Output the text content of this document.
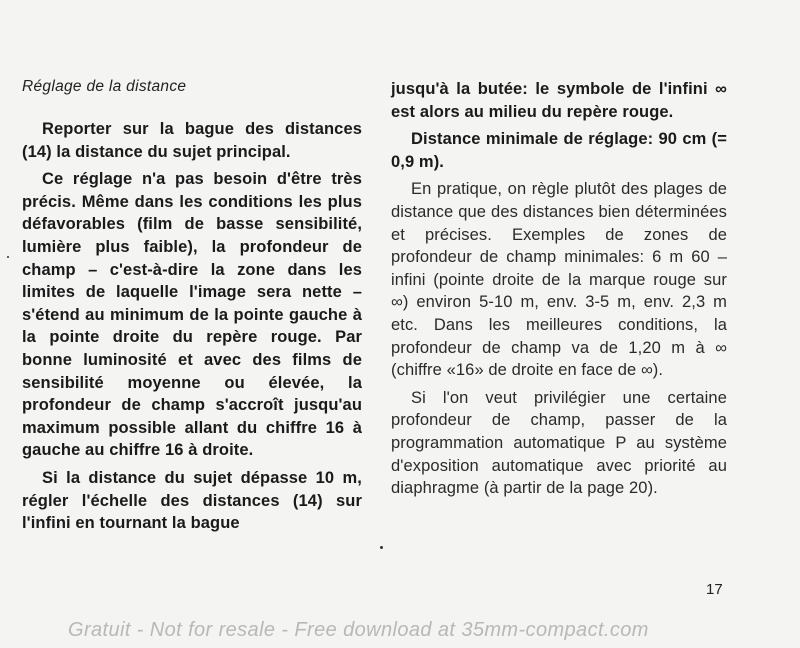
Réglage de la distance

Reporter sur la bague des distances (14) la distance du sujet principal.

Ce réglage n'a pas besoin d'être très précis. Même dans les conditions les plus défavorables (film de basse sensibilité, lumière plus faible), la profondeur de champ – c'est-à-dire la zone dans les limites de laquelle l'image sera nette – s'étend au minimum de la pointe gauche à la pointe droite du repère rouge. Par bonne luminosité et avec des films de sensibilité moyenne ou élevée, la profondeur de champ s'accroît jusqu'au maximum possible allant du chiffre 16 à gauche au chiffre 16 à droite.

Si la distance du sujet dépasse 10 m, régler l'échelle des distances (14) sur l'infini en tournant la bague

jusqu'à la butée: le symbole de l'infini ∞ est alors au milieu du repère rouge.

Distance minimale de réglage: 90 cm (= 0,9 m).

En pratique, on règle plutôt des plages de distance que des distances bien déterminées et précises. Exemples de zones de profondeur de champ minimales: 6 m 60 – infini (pointe droite de la marque rouge sur ∞) environ 5-10 m, env. 3-5 m, env. 2,3 m etc. Dans les meilleures conditions, la profondeur de champ va de 1,20 m à ∞ (chiffre «16» de droite en face de ∞).

Si l'on veut privilégier une certaine profondeur de champ, passer de la programmation automatique P au système d'exposition automatique avec priorité au diaphragme (à partir de la page 20).

17
Gratuit - Not for resale - Free download at 35mm-compact.com
